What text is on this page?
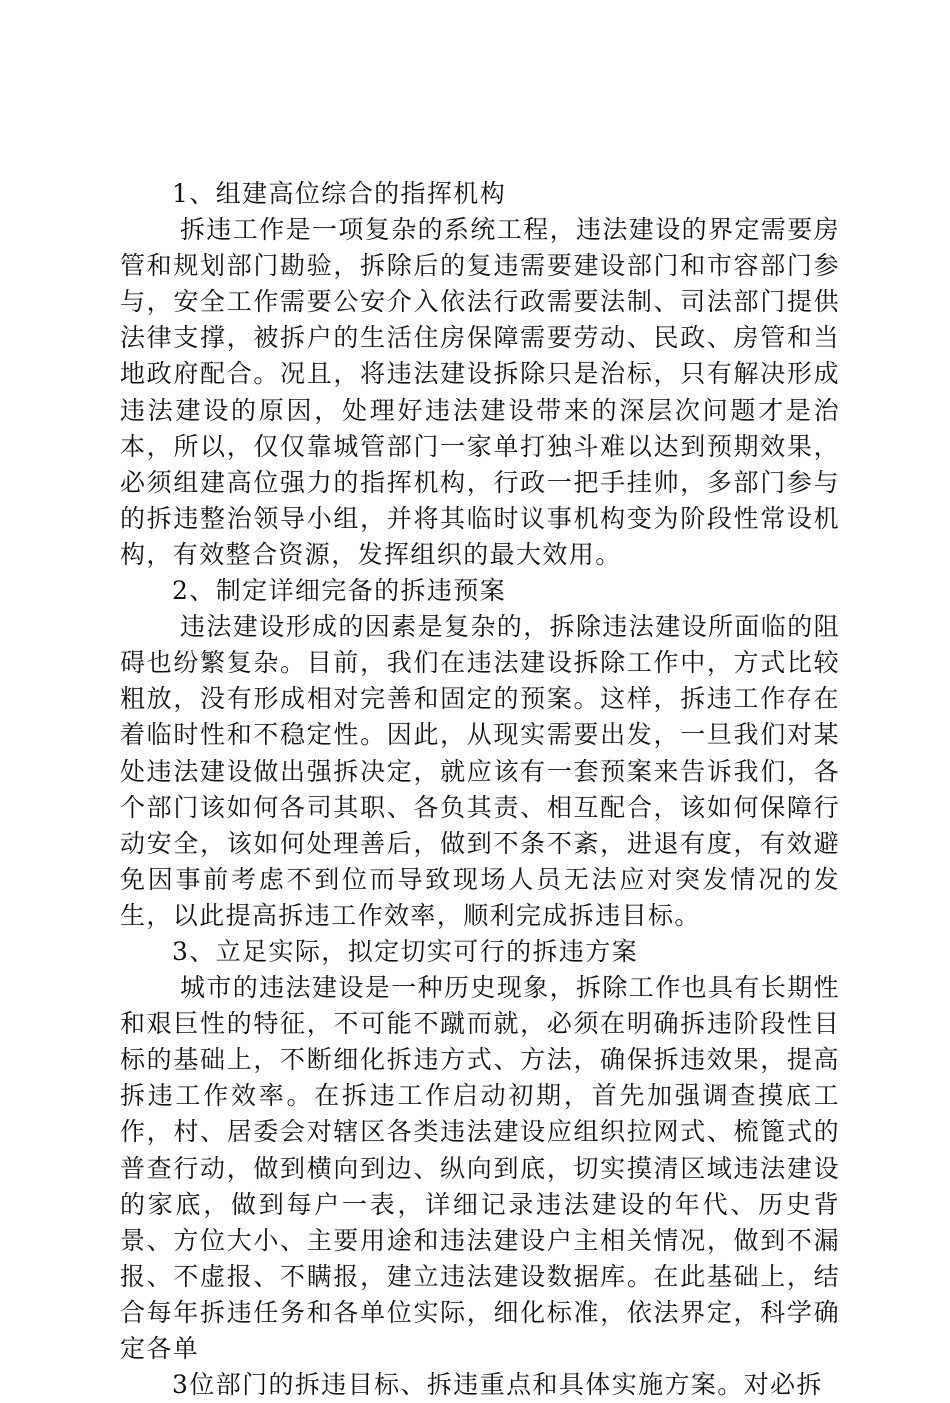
1、组建高位综合的指挥机构

拆违工作是一项复杂的系统工程，违法建设的界定需要房管和规划部门勘验，拆除后的复违需要建设部门和市容部门参与，安全工作需要公安介入依法行政需要法制、司法部门提供法律支撑，被拆户的生活住房保障需要劳动、民政、房管和当地政府配合。况且，将违法建设拆除只是治标，只有解决形成违法建设的原因，处理好违法建设带来的深层次问题才是治本，所以，仅仅靠城管部门一家单打独斗难以达到预期效果，必须组建高位强力的指挥机构，行政一把手挂帅，多部门参与的拆违整治领导小组，并将其临时议事机构变为阶段性常设机构，有效整合资源，发挥组织的最大效用。

2、制定详细完备的拆违预案

违法建设形成的因素是复杂的，拆除违法建设所面临的阻碍也纷繁复杂。目前，我们在违法建设拆除工作中，方式比较粗放，没有形成相对完善和固定的预案。这样，拆违工作存在着临时性和不稳定性。因此，从现实需要出发，一旦我们对某处违法建设做出强拆决定，就应该有一套预案来告诉我们，各个部门该如何各司其职、各负其责、相互配合，该如何保障行动安全，该如何处理善后，做到不条不紊，进退有度，有效避免因事前考虑不到位而导致现场人员无法应对突发情况的发生，以此提高拆违工作效率，顺利完成拆违目标。

3、立足实际，拟定切实可行的拆违方案

城市的违法建设是一种历史现象，拆除工作也具有长期性和艰巨性的特征，不可能不蹴而就，必须在明确拆违阶段性目标的基础上，不断细化拆违方式、方法，确保拆违效果，提高拆违工作效率。在拆违工作启动初期，首先加强调查摸底工作，村、居委会对辖区各类违法建设应组织拉网式、梳篦式的普查行动，做到横向到边、纵向到底，切实摸清区域违法建设的家底，做到每户一表，详细记录违法建设的年代、历史背景、方位大小、主要用途和违法建设户主相关情况，做到不漏报、不虚报、不瞒报，建立违法建设数据库。在此基础上，结合每年拆违任务和各单位实际，细化标准，依法界定，科学确定各单

3位部门的拆违目标、拆违重点和具体实施方案。对必拆
